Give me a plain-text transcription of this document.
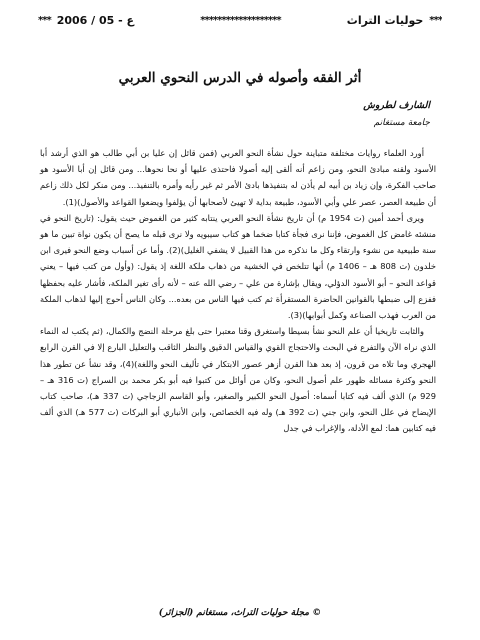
*** ع - 05 / 2006	*******************	حوليات التراث ***
أثر الفقه وأصوله في الدرس النحوي العربي
الشارف لطروش
جامعة مستغانم

أورد العلماء روايات مختلفة متباينة حول نشأة النحو العربي (فمن قائل إن عليا بن أبي طالب هو الذي أرشد أبا الأسود ولقنه مبادئ النحو، ومن زاعم أنه ألقى إليه أصولا فاحتذى عليها أو نحا نحوها... ومن قائل إن أبا الأسود هو صاحب الفكرة، وإن زياد بن أبيه لم يأذن له بتنفيذها بادئ الأمر ثم غير رأيه وأمره بالتنفيذ... ومن منكر لكل ذلك زاعم أن طبيعة العصر، عصر علي وأبي الأسود، طبيعة بداية لا تهيئ لأصحابها أن يؤلفوا ويضعوا القواعد والأصول)(1).

ويرى أحمد أمين (ت 1954 م) أن تاريخ نشأة النحو العربي ينتابه كثير من الغموض حيث يقول: (تاريخ النحو في منشئه غامض كل الغموض، فإننا نرى فجأة كتابا ضخما هو كتاب سيبويه ولا نرى قبله ما يصح أن يكون نواة تبين ما هو سنة طبيعية من نشوء وارتقاء وكل ما نذكره من هذا القبيل لا يشفي الغليل)(2). وأما عن أسباب وضع النحو فيرى ابن خلدون (ت 808 هـ – 1406 م) أنها تتلخص في الخشية من ذهاب ملكة اللغة إذ يقول: (وأول من كتب فيها – يعني قواعد النحو – أبو الأسود الدؤلي، ويقال بإشارة من علي – رضي الله عنه – لأنه رأى تغير الملكة، فأشار عليه بحفظها ففزع إلى ضبطها بالقوانين الحاضرة المستقرأة ثم كتب فيها الناس من بعده... وكان الناس أحوج إليها لذهاب الملكة من العرب فهذب الصناعة وكمل أبوابها)(3).

والثابت تاريخيا أن علم النحو نشأ بسيطا واستغرق وقتا معتبرا حتى بلغ مرحلة النضج والكمال، (ثم يكتب له النماء الذي نراه الآن والتفرع في البحث والاحتجاج القوي والقياس الدقيق والنظر الثاقب والتعليل البارع إلا في القرن الرابع الهجري وما تلاه من قرون، إذ بعد هذا القرن أزهر عصور الابتكار في تأليف النحو واللغة)(4)، وقد نشأ عن تطور هذا النحو وكثرة مسائله ظهور علم أصول النحو، وكان من أوائل من كتبوا فيه أبو بكر محمد بن السراج (ت 316 هـ – 929 م) الذي ألف فيه كتابا أسماه: أصول النحو الكبير والصغير، وأبو القاسم الزجاجي (ت 337 هـ)، صاحب كتاب الإيضاح في علل النحو، وابن جني (ت 392 هـ) وله فيه الخصائص، وابن الأنباري أبو البركات (ت 577 هـ) الذي ألف فيه كتابين هما: لمع الأدلة، والإغراب في جدل

© مجلة حوليات التراث، مستغانم (الجزائر)
